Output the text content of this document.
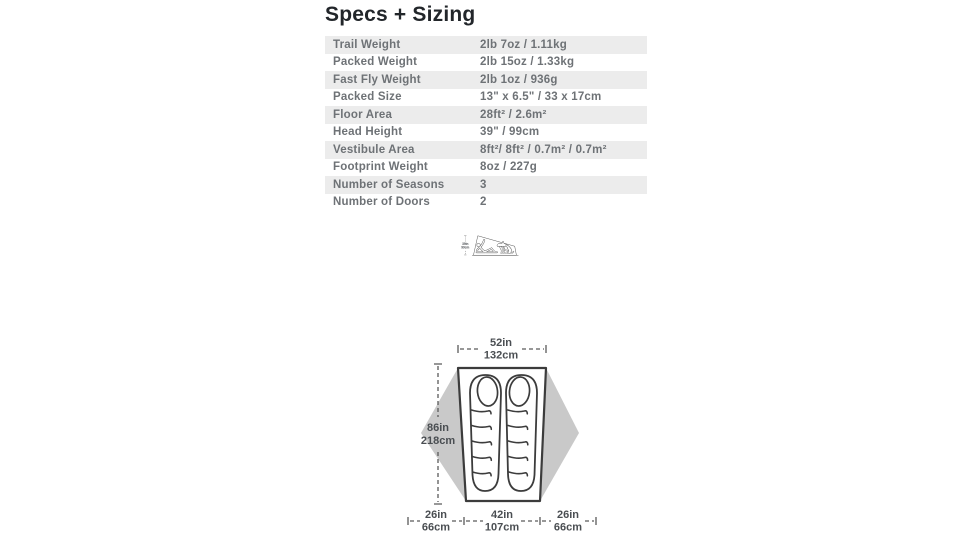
Specs + Sizing
Trail Weight	2lb 7oz / 1.11kg
Packed Weight	2lb 15oz / 1.33kg
Fast Fly Weight	2lb 1oz / 936g
Packed Size	13" x 6.5" / 33 x 17cm
Floor Area	28ft² / 2.6m²
Head Height	39" / 99cm
Vestibule Area	8ft²/ 8ft² / 0.7m² / 0.7m²
Footprint Weight	8oz / 227g
Number of Seasons	3
Number of Doors	2
39in
99cm
52in
132cm
86in
218cm
26in
66cm
42in
107cm
26in
66cm
